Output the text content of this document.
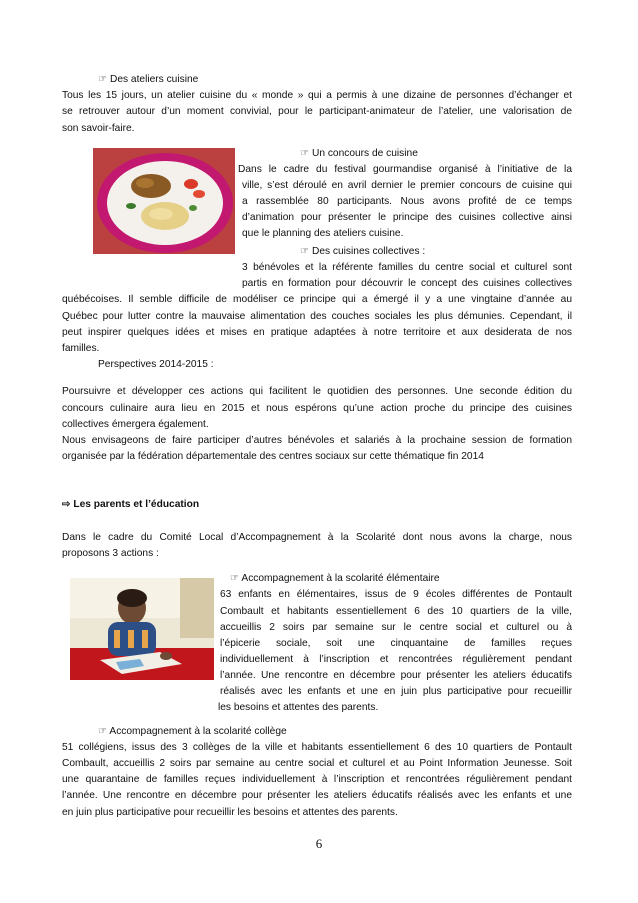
☞ Des ateliers cuisine
Tous les 15 jours, un atelier cuisine du « monde » qui a permis à une dizaine de personnes d’échanger et
se retrouver autour d’un moment convivial, pour le participant-animateur de l’atelier, une valorisation de
son savoir-faire.
☞ Un concours de cuisine
Dans le cadre du festival gourmandise organisé à l’initiative de la
ville, s’est déroulé en avril dernier le premier concours de cuisine qui
a rassemblée 80 participants. Nous avons profité de ce temps
d’animation pour présenter le principe des cuisines collective ainsi
que le planning des ateliers cuisine.
☞ Des cuisines collectives :
3 bénévoles et la référente familles du centre social et culturel sont
partis en formation pour découvrir le concept des cuisines collectives
québécoises. Il semble difficile de modéliser ce principe qui a émergé il y a une vingtaine d’année au
Québec pour lutter contre la mauvaise alimentation des couches sociales les plus démunies. Cependant, il
peut inspirer quelques idées et mises en pratique adaptées à notre territoire et aux desiderata de nos
familles.
Perspectives 2014-2015 :
Poursuivre et développer ces actions qui facilitent le quotidien des personnes. Une seconde édition du
concours culinaire aura lieu en 2015 et nous espérons qu’une action proche du principe des cuisines
collectives émergera également.
Nous envisageons de faire participer d’autres bénévoles et salariés à la prochaine session de formation
organisée par la fédération départementale des centres sociaux sur cette thématique fin 2014
⇨ Les parents et l’éducation
Dans le cadre du Comité Local d’Accompagnement à la Scolarité dont nous avons la charge, nous
proposons 3 actions :
☞ Accompagnement à la scolarité élémentaire
63 enfants en élémentaires, issus de 9 écoles différentes de Pontault
Combault et habitants essentiellement 6 des 10 quartiers de la ville,
accueillis 2 soirs par semaine sur le centre social et culturel ou à
l’épicerie sociale, soit une cinquantaine de familles reçues
individuellement à l’inscription et rencontrées régulièrement pendant
l’année. Une rencontre en décembre pour présenter les ateliers éducatifs
réalisés avec les enfants et une en juin plus participative pour recueillir
les besoins et attentes des parents.
☞ Accompagnement à la scolarité collège
51 collégiens, issus des 3 collèges de la ville et habitants essentiellement 6 des 10 quartiers de Pontault
Combault, accueillis 2 soirs par semaine au centre social et culturel et au Point Information Jeunesse. Soit
une quarantaine de familles reçues individuellement à l’inscription et rencontrées régulièrement pendant
l’année. Une rencontre en décembre pour présenter les ateliers éducatifs réalisés avec les enfants et une
en juin plus participative pour recueillir les besoins et attentes des parents.
6
